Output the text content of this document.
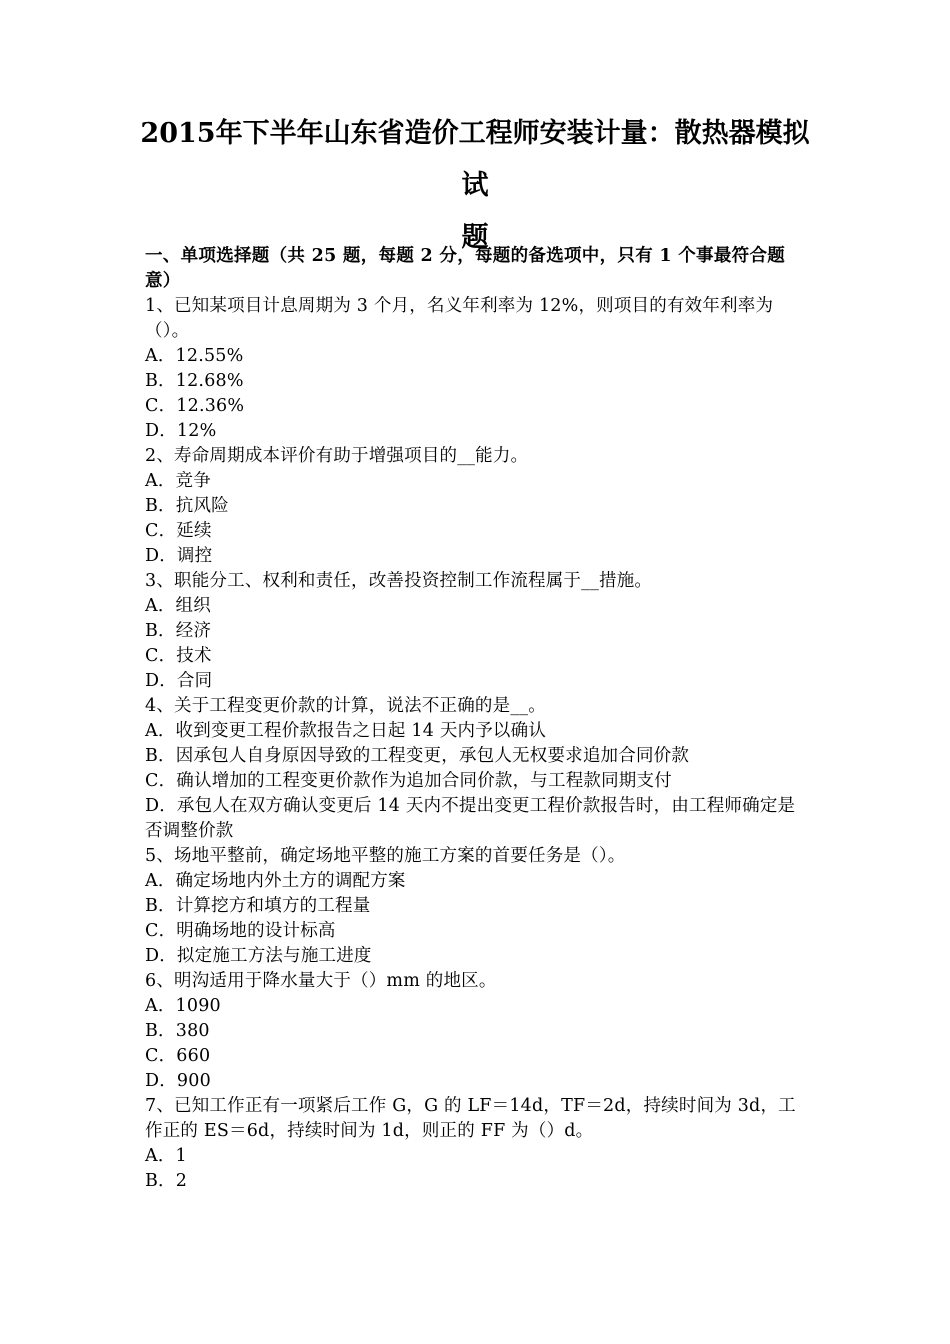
2015年下半年山东省造价工程师安装计量：散热器模拟试
题
一、单项选择题（共 25 题，每题 2 分，每题的备选项中，只有 1 个事最符合题意）
1、已知某项目计息周期为 3 个月，名义年利率为 12%，则项目的有效年利率为（）。
A．12.55%
B．12.68%
C．12.36%
D．12%
2、寿命周期成本评价有助于增强项目的__能力。
A．竞争
B．抗风险
C．延续
D．调控
3、职能分工、权利和责任，改善投资控制工作流程属于__措施。
A．组织
B．经济
C．技术
D．合同
4、关于工程变更价款的计算，说法不正确的是__。
A．收到变更工程价款报告之日起 14 天内予以确认
B．因承包人自身原因导致的工程变更，承包人无权要求追加合同价款
C．确认增加的工程变更价款作为追加合同价款，与工程款同期支付
D．承包人在双方确认变更后 14 天内不提出变更工程价款报告时，由工程师确定是否调整价款
5、场地平整前，确定场地平整的施工方案的首要任务是（）。
A．确定场地内外土方的调配方案
B．计算挖方和填方的工程量
C．明确场地的设计标高
D．拟定施工方法与施工进度
6、明沟适用于降水量大于（）mm 的地区。
A．1090
B．380
C．660
D．900
7、已知工作正有一项紧后工作 G，G 的 LF＝14d，TF＝2d，持续时间为 3d，工作正的 ES＝6d，持续时间为 1d，则正的 FF 为（）d。
A．1
B．2
